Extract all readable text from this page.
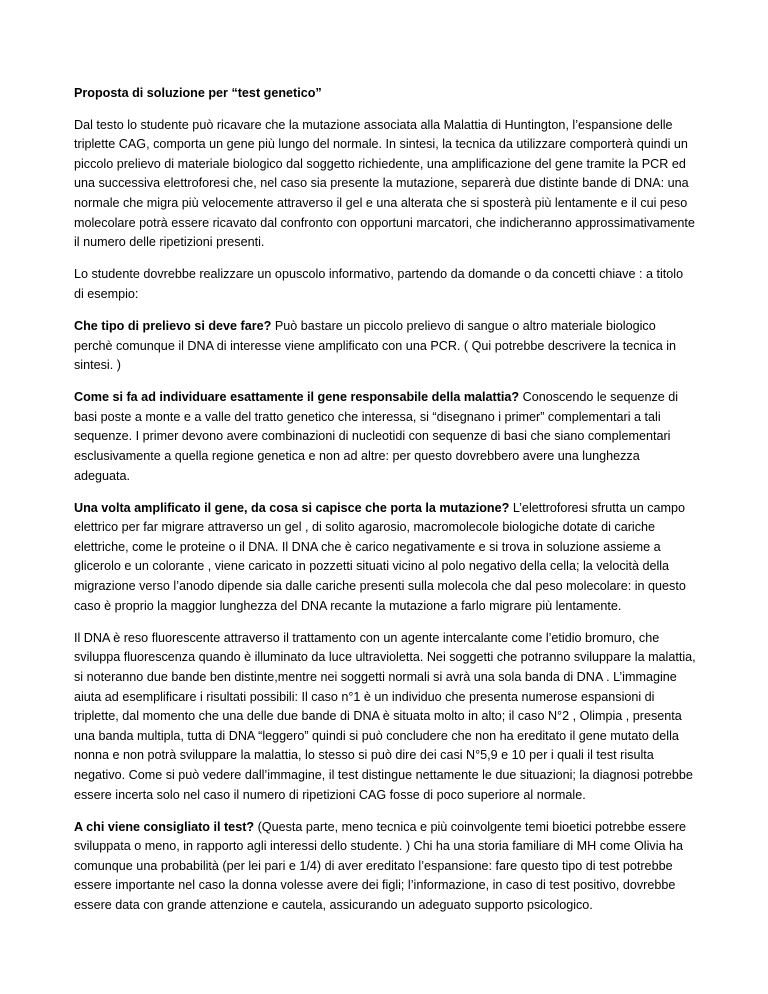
Proposta di soluzione per “test genetico”

Dal testo lo studente può ricavare che la mutazione associata alla Malattia di Huntington, l’espansione delle triplette CAG, comporta un gene più lungo del normale. In sintesi, la tecnica da utilizzare comporterà quindi un piccolo prelievo di materiale biologico dal soggetto richiedente, una amplificazione del gene tramite la PCR ed una successiva elettroforesi che, nel caso sia presente la mutazione, separerà due distinte bande di DNA: una normale che migra più velocemente attraverso il gel e una alterata che si sposterà più lentamente e il cui peso molecolare potrà essere ricavato dal confronto con opportuni marcatori, che indicheranno approssimativamente il numero delle ripetizioni presenti.

Lo studente dovrebbe realizzare un opuscolo informativo, partendo da domande o da concetti chiave : a titolo di esempio:

Che tipo di prelievo si deve fare? Può bastare un piccolo prelievo di sangue o altro materiale biologico perchè comunque il DNA di interesse viene amplificato con una PCR. ( Qui potrebbe descrivere la tecnica in sintesi. )

Come si fa ad individuare esattamente il gene responsabile della malattia? Conoscendo le sequenze di basi poste a monte e a valle del tratto genetico che interessa, si “disegnano i primer” complementari a tali sequenze. I primer devono avere combinazioni di nucleotidi con sequenze di basi che siano complementari esclusivamente a quella regione genetica e non ad altre: per questo dovrebbero avere una lunghezza adeguata.

Una volta amplificato il gene, da cosa si capisce che porta la mutazione? L’elettroforesi sfrutta un campo elettrico per far migrare attraverso un gel , di solito agarosio, macromolecole biologiche dotate di cariche elettriche, come le proteine o il DNA. Il DNA che è carico negativamente e si trova in soluzione assieme a glicerolo e un colorante , viene caricato in pozzetti situati vicino al polo negativo della cella; la velocità della migrazione verso l’anodo dipende sia dalle cariche presenti sulla molecola che dal peso molecolare: in questo caso è proprio la maggior lunghezza del DNA recante la mutazione a farlo migrare più lentamente.

Il DNA è reso fluorescente attraverso il trattamento con un agente intercalante come l’etidio bromuro, che sviluppa fluorescenza quando è illuminato da luce ultravioletta. Nei soggetti che potranno sviluppare la malattia, si noteranno due bande ben distinte,mentre nei soggetti normali si avrà una sola banda di DNA . L’immagine aiuta ad esemplificare i risultati possibili: Il caso n°1 è un individuo che presenta numerose espansioni di triplette, dal momento che una delle due bande di DNA è situata molto in alto; il caso N°2 , Olimpia , presenta una banda multipla, tutta di DNA “leggero” quindi si può concludere che non ha ereditato il gene mutato della nonna e non potrà sviluppare la malattia, lo stesso si può dire dei casi N°5,9 e 10 per i quali il test risulta negativo. Come si può vedere dall’immagine, il test distingue nettamente le due situazioni; la diagnosi potrebbe essere incerta solo nel caso il numero di ripetizioni CAG fosse di poco superiore al normale.

A chi viene consigliato il test? (Questa parte, meno tecnica e più coinvolgente temi bioetici potrebbe essere sviluppata o meno, in rapporto agli interessi dello studente. ) Chi ha una storia familiare di MH come Olivia ha comunque una probabilità (per lei pari e 1/4) di aver ereditato l’espansione: fare questo tipo di test potrebbe essere importante nel caso la donna volesse avere dei figli; l’informazione, in caso di test positivo, dovrebbe essere data con grande attenzione e cautela, assicurando un adeguato supporto psicologico.
